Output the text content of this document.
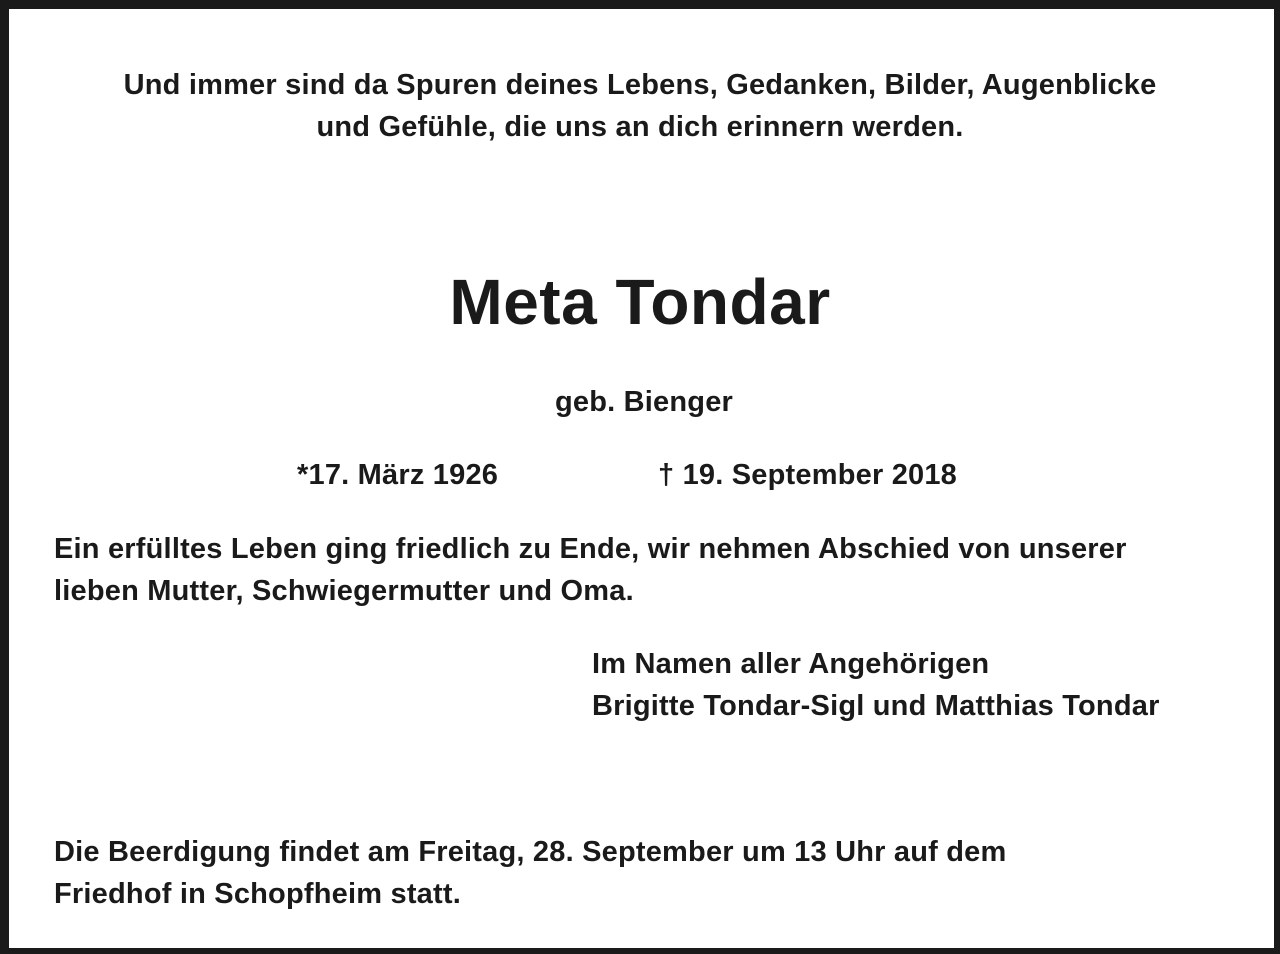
Und immer sind da Spuren deines Lebens, Gedanken, Bilder, Augenblicke
und Gefühle, die uns an dich erinnern werden.
Meta Tondar
geb. Bienger
*17. März 1926	† 19. September 2018
Ein erfülltes Leben ging friedlich zu Ende, wir nehmen Abschied von unserer
lieben Mutter, Schwiegermutter und Oma.
Im Namen aller Angehörigen
Brigitte Tondar-Sigl und Matthias Tondar
Die Beerdigung findet am Freitag, 28. September um 13 Uhr auf dem
Friedhof in Schopfheim statt.
